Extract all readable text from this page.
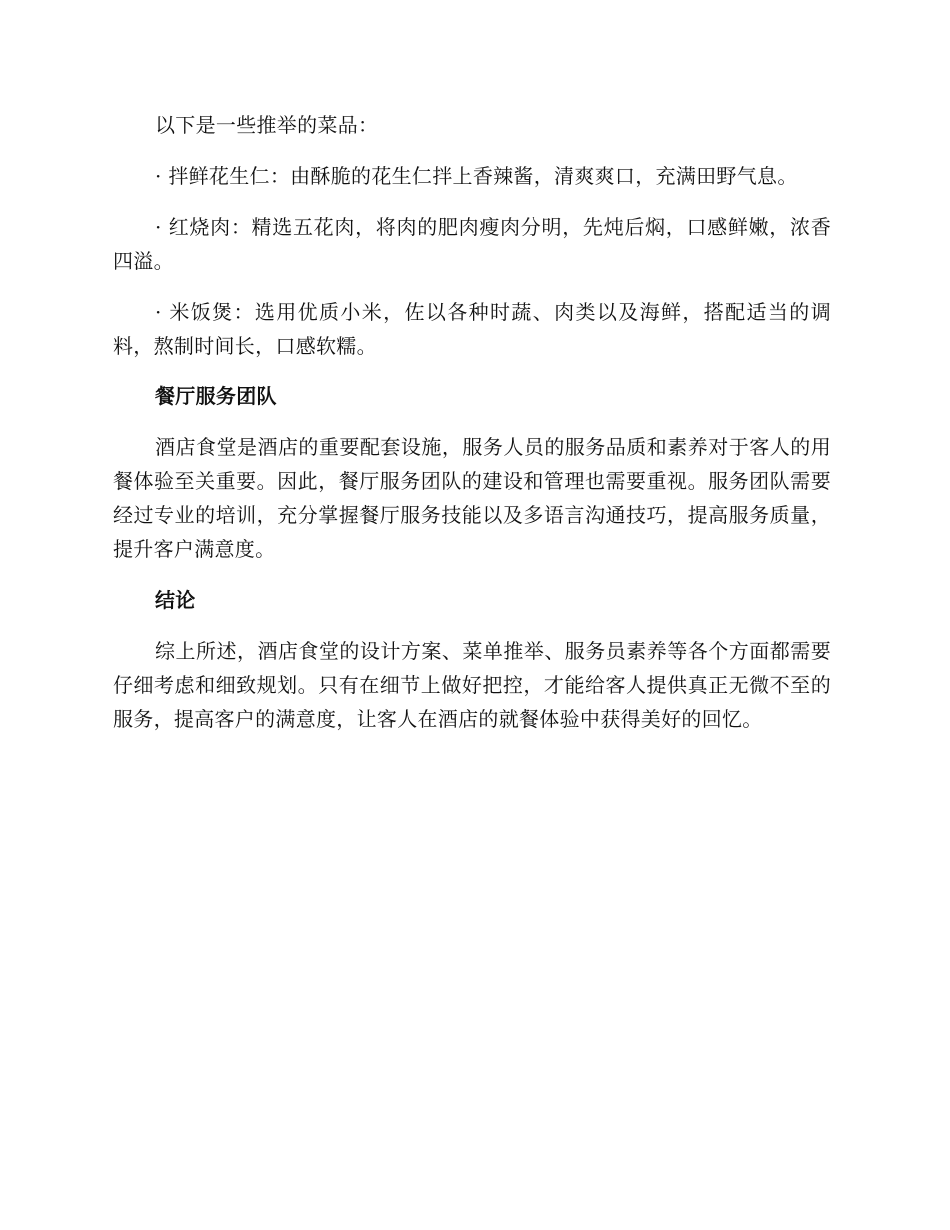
以下是一些推举的菜品：

· 拌鲜花生仁：由酥脆的花生仁拌上香辣酱，清爽爽口，充满田野气息。

· 红烧肉：精选五花肉，将肉的肥肉瘦肉分明，先炖后焖，口感鲜嫩，浓香四溢。

· 米饭煲：选用优质小米，佐以各种时蔬、肉类以及海鲜，搭配适当的调料，熬制时间长，口感软糯。

餐厅服务团队

酒店食堂是酒店的重要配套设施，服务人员的服务品质和素养对于客人的用餐体验至关重要。因此，餐厅服务团队的建设和管理也需要重视。服务团队需要经过专业的培训，充分掌握餐厅服务技能以及多语言沟通技巧，提高服务质量，提升客户满意度。

结论

综上所述，酒店食堂的设计方案、菜单推举、服务员素养等各个方面都需要仔细考虑和细致规划。只有在细节上做好把控，才能给客人提供真正无微不至的服务，提高客户的满意度，让客人在酒店的就餐体验中获得美好的回忆。
